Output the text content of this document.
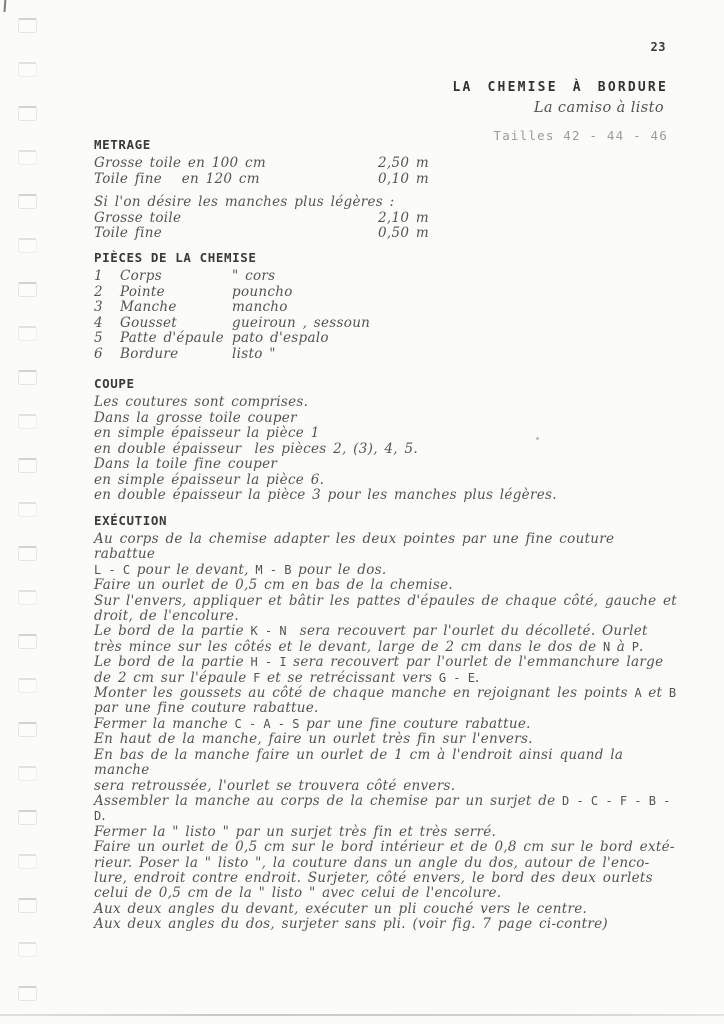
23
LA CHEMISE À BORDURE
La camiso à listo
Tailles 42 - 44 - 46
METRAGE
Grosse toile en 100 cm	2,50 m
Toile fine   en 120 cm	0,10 m
Si l'on désire les manches plus légères :
Grosse toile	2,10 m
Toile fine	0,50 m
PIÈCES DE LA CHEMISE
1 Corps	" cors
2 Pointe	pouncho
3 Manche	mancho
4 Gousset	gueiroun , sessoun
5 Patte d'épaule pato d'espalo
6 Bordure	listo "
COUPE
Les coutures sont comprises.
Dans la grosse toile couper
en simple épaisseur la pièce 1
en double épaisseur  les pièces 2, (3), 4, 5.
Dans la toile fine couper
en simple épaisseur la pièce 6.
en double épaisseur la pièce 3 pour les manches plus légères.
EXÉCUTION
Au corps de la chemise adapter les deux pointes par une fine couture rabattue
L - C pour le devant, M - B pour le dos.
Faire un ourlet de 0,5 cm en bas de la chemise.
Sur l'envers, appliquer et bâtir les pattes d'épaules de chaque côté, gauche et
droit, de l'encolure.
Le bord de la partie K - N  sera recouvert par l'ourlet du décolleté. Ourlet
très mince sur les côtés et le devant, large de 2 cm dans le dos de N à P.
Le bord de la partie H - I sera recouvert par l'ourlet de l'emmanchure large
de 2 cm sur l'épaule F et se retrécissant vers G - E.
Monter les goussets au côté de chaque manche en rejoignant les points A et B
par une fine couture rabattue.
Fermer la manche C - A - S par une fine couture rabattue.
En haut de la manche, faire un ourlet très fin sur l'envers.
En bas de la manche faire un ourlet de 1 cm à l'endroit ainsi quand la manche
sera retroussée, l'ourlet se trouvera côté envers.
Assembler la manche au corps de la chemise par un surjet de D - C - F - B - D.
Fermer la " listo " par un surjet très fin et très serré.
Faire un ourlet de 0,5 cm sur le bord intérieur et de 0,8 cm sur le bord exté-
rieur. Poser la " listo ", la couture dans un angle du dos, autour de l'enco-
lure, endroit contre endroit. Surjeter, côté envers, le bord des deux ourlets
celui de 0,5 cm de la " listo " avec celui de l'encolure.
Aux deux angles du devant, exécuter un pli couché vers le centre.
Aux deux angles du dos, surjeter sans pli. (voir fig. 7 page ci-contre)
